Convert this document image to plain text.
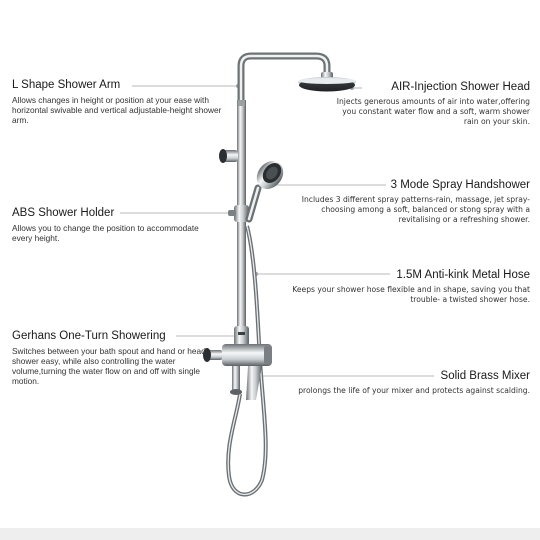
L Shape Shower Arm
Allows changes in height or position at your ease with horizontal swivable and vertical adjustable-height shower arm.
ABS Shower Holder
Allows you to change the position to accommodate every height.
Gerhans One-Turn Showering
Switches between your bath spout and hand or head shower easy, while also controlling the water volume,turning the water flow on and off with single motion.
AIR-Injection Shower Head
Injects generous amounts of air into water,offering you constant water flow and a soft, warm shower rain on your skin.
3 Mode Spray Handshower
Includes 3 different spray patterns-rain, massage, jet spray-choosing among a soft, balanced or stong spray with a revitalising or a refreshing shower.
1.5M Anti-kink Metal Hose
Keeps your shower hose flexible and in shape, saving you that trouble- a twisted shower hose.
Solid Brass Mixer
prolongs the life of your mixer and protects against scalding.
